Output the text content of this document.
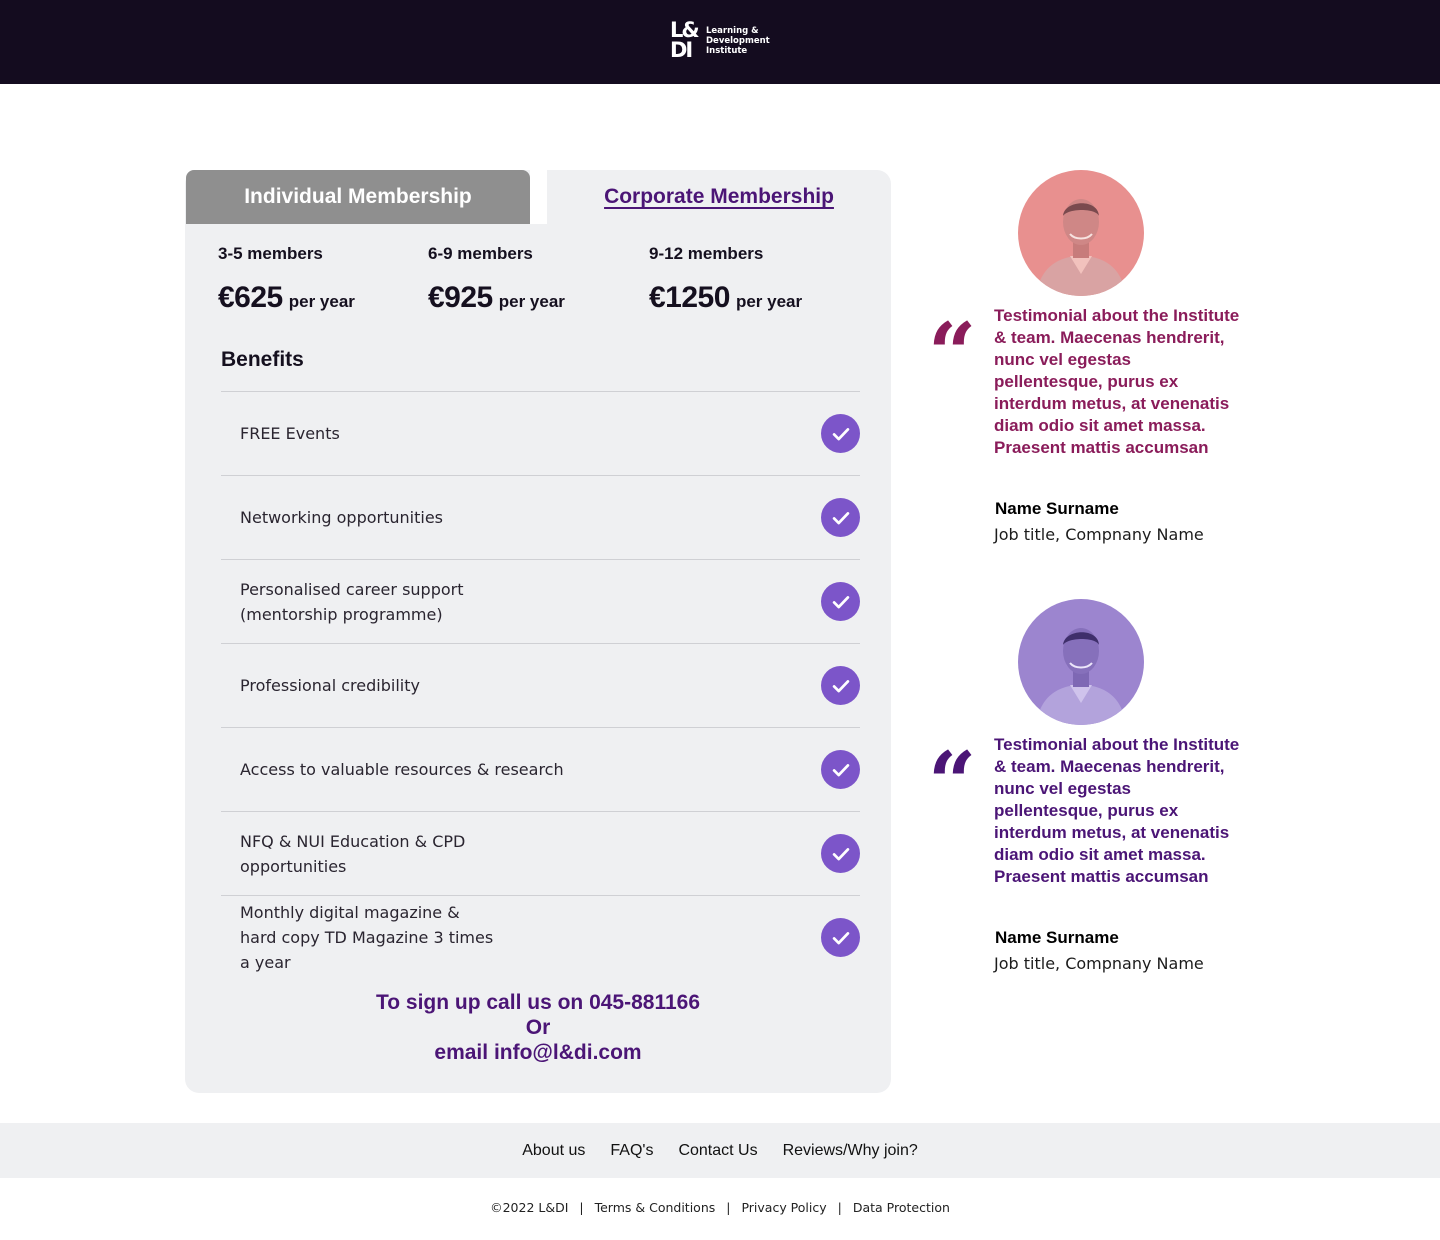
L&
DI
Learning &
Development
Institute
Individual Membership	Corporate Membership
3-5 members
€625 per year
6-9 members
€925 per year
9-12 members
€1250 per year
Benefits
FREE Events
Networking opportunities
Personalised career support (mentorship programme)
Professional credibility
Access to valuable resources & research
NFQ & NUI Education & CPD opportunities
Monthly digital magazine & hard copy TD Magazine 3 times a year
To sign up call us on 045-881166
Or
email info@l&di.com
“ Testimonial about the Institute & team. Maecenas hendrerit, nunc vel egestas pellentesque, purus ex interdum metus, at venenatis diam odio sit amet massa. Praesent mattis accumsan
Name Surname
Job title, Compnany Name
“ Testimonial about the Institute & team. Maecenas hendrerit, nunc vel egestas pellentesque, purus ex interdum metus, at venenatis diam odio sit amet massa. Praesent mattis accumsan
Name Surname
Job title, Compnany Name
About us FAQ's Contact Us Reviews/Why join?
©2022 L&DI | Terms & Conditions | Privacy Policy | Data Protection
